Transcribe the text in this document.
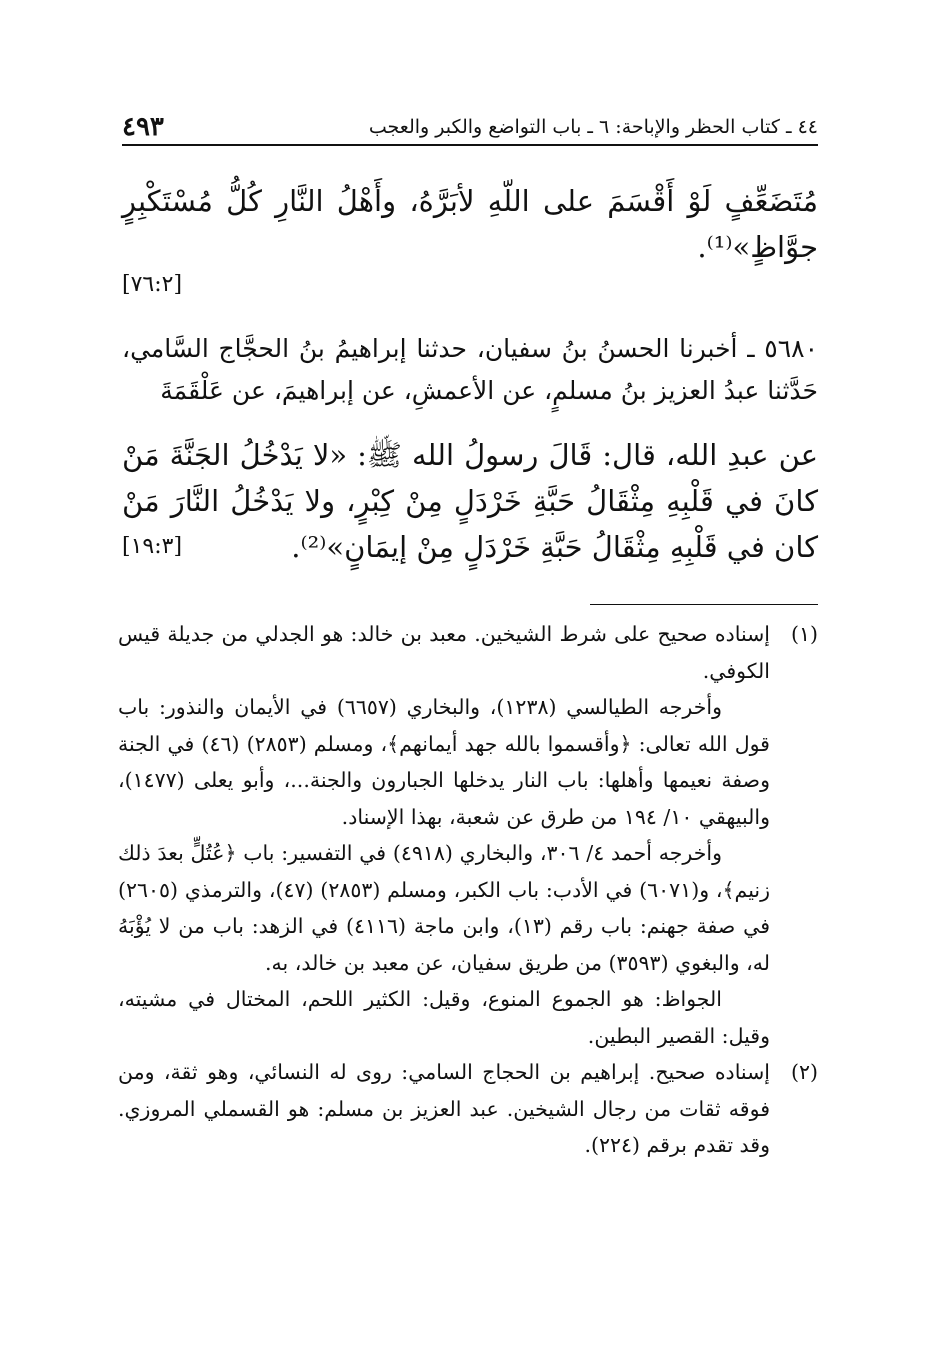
٤٤ ـ كتاب الحظر والإباحة: ٦ ـ باب التواضع والكبر والعجب
٤٩٣

مُتَضَعِّفٍ لَوْ أَقْسَمَ على اللّهِ لأبَرَّهُ، وأَهْلُ النَّارِ كُلُّ مُسْتَكْبِرٍ جوَّاظٍ»⁽¹⁾.

[٧٦:٢]

٥٦٨٠ ـ أخبرنا الحسنُ بنُ سفيان، حدثنا إبراهيمُ بنُ الحجَّاج السَّامي، حَدَّثنا عبدُ العزيز بنُ مسلمٍ، عن الأعمشِ، عن إبراهيمَ، عن عَلْقَمَةَ

عن عبدِ الله، قال: قَالَ رسولُ الله ﷺ: «لا يَدْخُلُ الجَنَّةَ مَنْ كانَ في قَلْبِهِ مِثْقَالُ حَبَّةِ خَرْدَلٍ مِنْ كِبْرٍ، ولا يَدْخُلُ النَّارَ مَنْ كان في قَلْبِهِ مِثْقَالُ حَبَّةِ خَرْدَلٍ مِنْ إيمَانٍ»⁽²⁾.
[١٩:٣]

(١)

إسناده صحيح على شرط الشيخين. معبد بن خالد: هو الجدلي من جديلة قيس الكوفي.

وأخرجه الطيالسي (١٢٣٨)، والبخاري (٦٦٥٧) في الأيمان والنذور: باب قول الله تعالى: ﴿وأقسموا بالله جهد أيمانهم﴾، ومسلم (٢٨٥٣) (٤٦) في الجنة وصفة نعيمها وأهلها: باب النار يدخلها الجبارون والجنة...، وأبو يعلى (١٤٧٧)، والبيهقي ١٠/ ١٩٤ من طرق عن شعبة، بهذا الإسناد.

وأخرجه أحمد ٤/ ٣٠٦، والبخاري (٤٩١٨) في التفسير: باب ﴿عُتُلٍّ بعدَ ذلك زنيم﴾، و(٦٠٧١) في الأدب: باب الكبر، ومسلم (٢٨٥٣) (٤٧)، والترمذي (٢٦٠٥) في صفة جهنم: باب رقم (١٣)، وابن ماجة (٤١١٦) في الزهد: باب من لا يُؤْبَهُ له، والبغوي (٣٥٩٣) من طريق سفيان، عن معبد بن خالد، به.

الجواظ: هو الجموع المنوع، وقيل: الكثير اللحم، المختال في مشيته، وقيل: القصير البطين.

(٢)

إسناده صحيح. إبراهيم بن الحجاج السامي: روى له النسائي، وهو ثقة، ومن فوقه ثقات من رجال الشيخين. عبد العزيز بن مسلم: هو القسملي المروزي. وقد تقدم برقم (٢٢٤).
